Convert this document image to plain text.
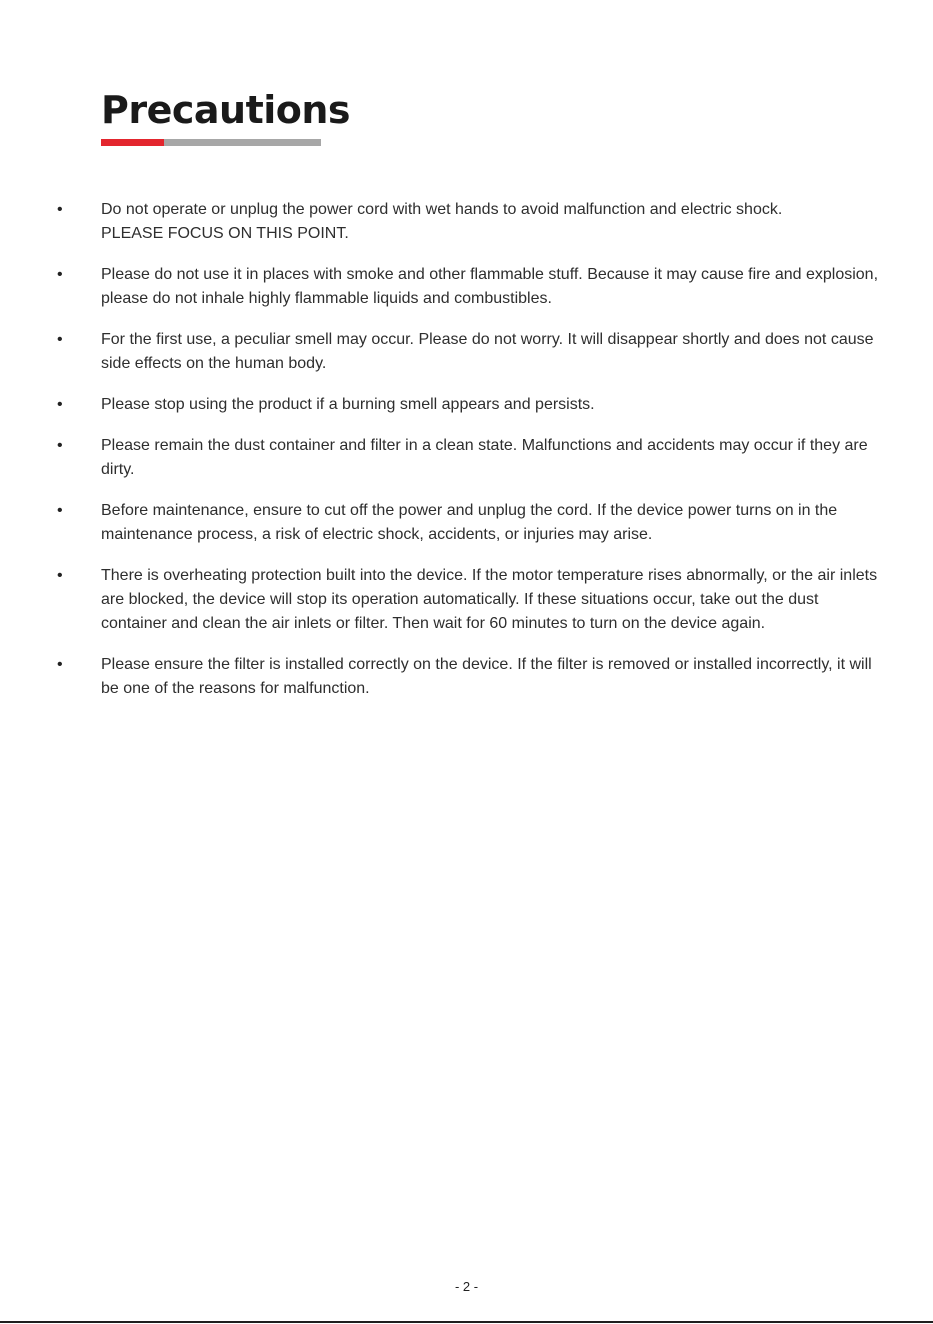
Precautions
• Do not operate or unplug the power cord with wet hands to avoid malfunction and electric shock.
PLEASE FOCUS ON THIS POINT.
• Please do not use it in places with smoke and other flammable stuff. Because it may cause fire and explosion, please do not inhale highly flammable liquids and combustibles.
• For the first use, a peculiar smell may occur. Please do not worry. It will disappear shortly and does not cause side effects on the human body.
• Please stop using the product if a burning smell appears and persists.
• Please remain the dust container and filter in a clean state. Malfunctions and accidents may occur if they are dirty.
• Before maintenance, ensure to cut off the power and unplug the cord. If the device power turns on in the maintenance process, a risk of electric shock, accidents, or injuries may arise.
• There is overheating protection built into the device. If the motor temperature rises abnormally, or the air inlets are blocked, the device will stop its operation automatically. If these situations occur, take out the dust container and clean the air inlets or filter. Then wait for 60 minutes to turn on the device again.
• Please ensure the filter is installed correctly on the device. If the filter is removed or installed incorrectly, it will be one of the reasons for malfunction.
- 2 -
